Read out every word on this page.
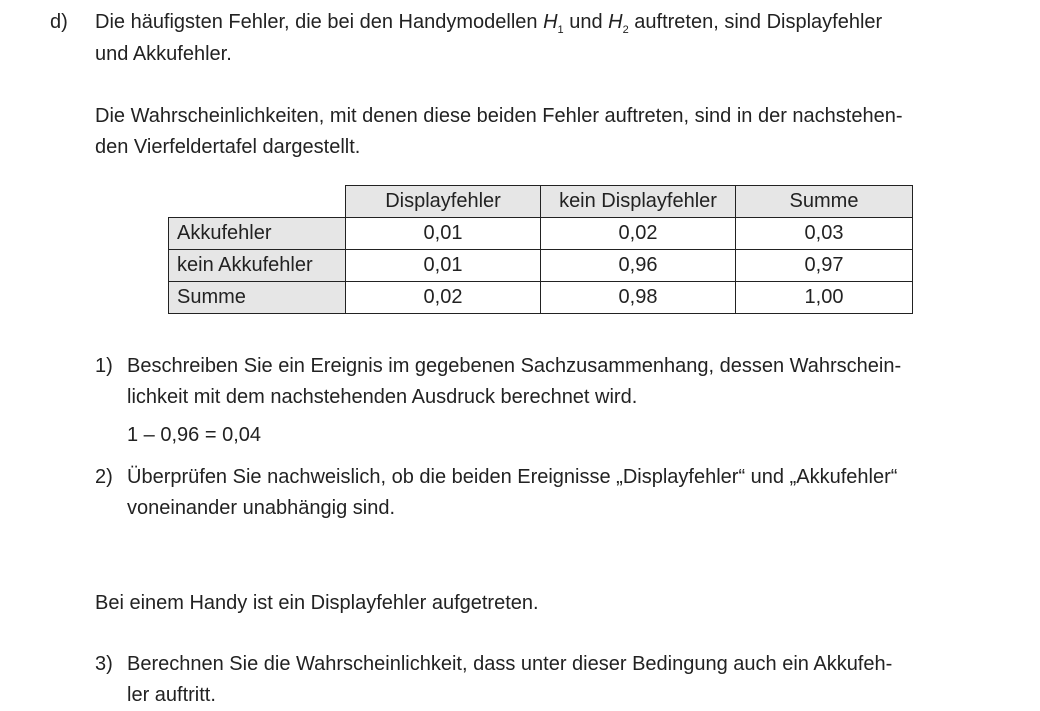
d) Die häufigsten Fehler, die bei den Handymodellen $H_1$ und $H_2$ auftreten, sind Displayfehler
und Akkufehler.
Die Wahrscheinlichkeiten, mit denen diese beiden Fehler auftreten, sind in der nachstehen-
den Vierfeldertafel dargestellt.
	Displayfehler	kein Displayfehler	Summe
Akkufehler	0,01	0,02	0,03
kein Akkufehler	0,01	0,96	0,97
Summe	0,02	0,98	1,00
1) Beschreiben Sie ein Ereignis im gegebenen Sachzusammenhang, dessen Wahrschein-
lichkeit mit dem nachstehenden Ausdruck berechnet wird.
1 – 0,96 = 0,04
2) Überprüfen Sie nachweislich, ob die beiden Ereignisse „Displayfehler“ und „Akkufehler“
voneinander unabhängig sind.
Bei einem Handy ist ein Displayfehler aufgetreten.
3) Berechnen Sie die Wahrscheinlichkeit, dass unter dieser Bedingung auch ein Akkufeh-
ler auftritt.
